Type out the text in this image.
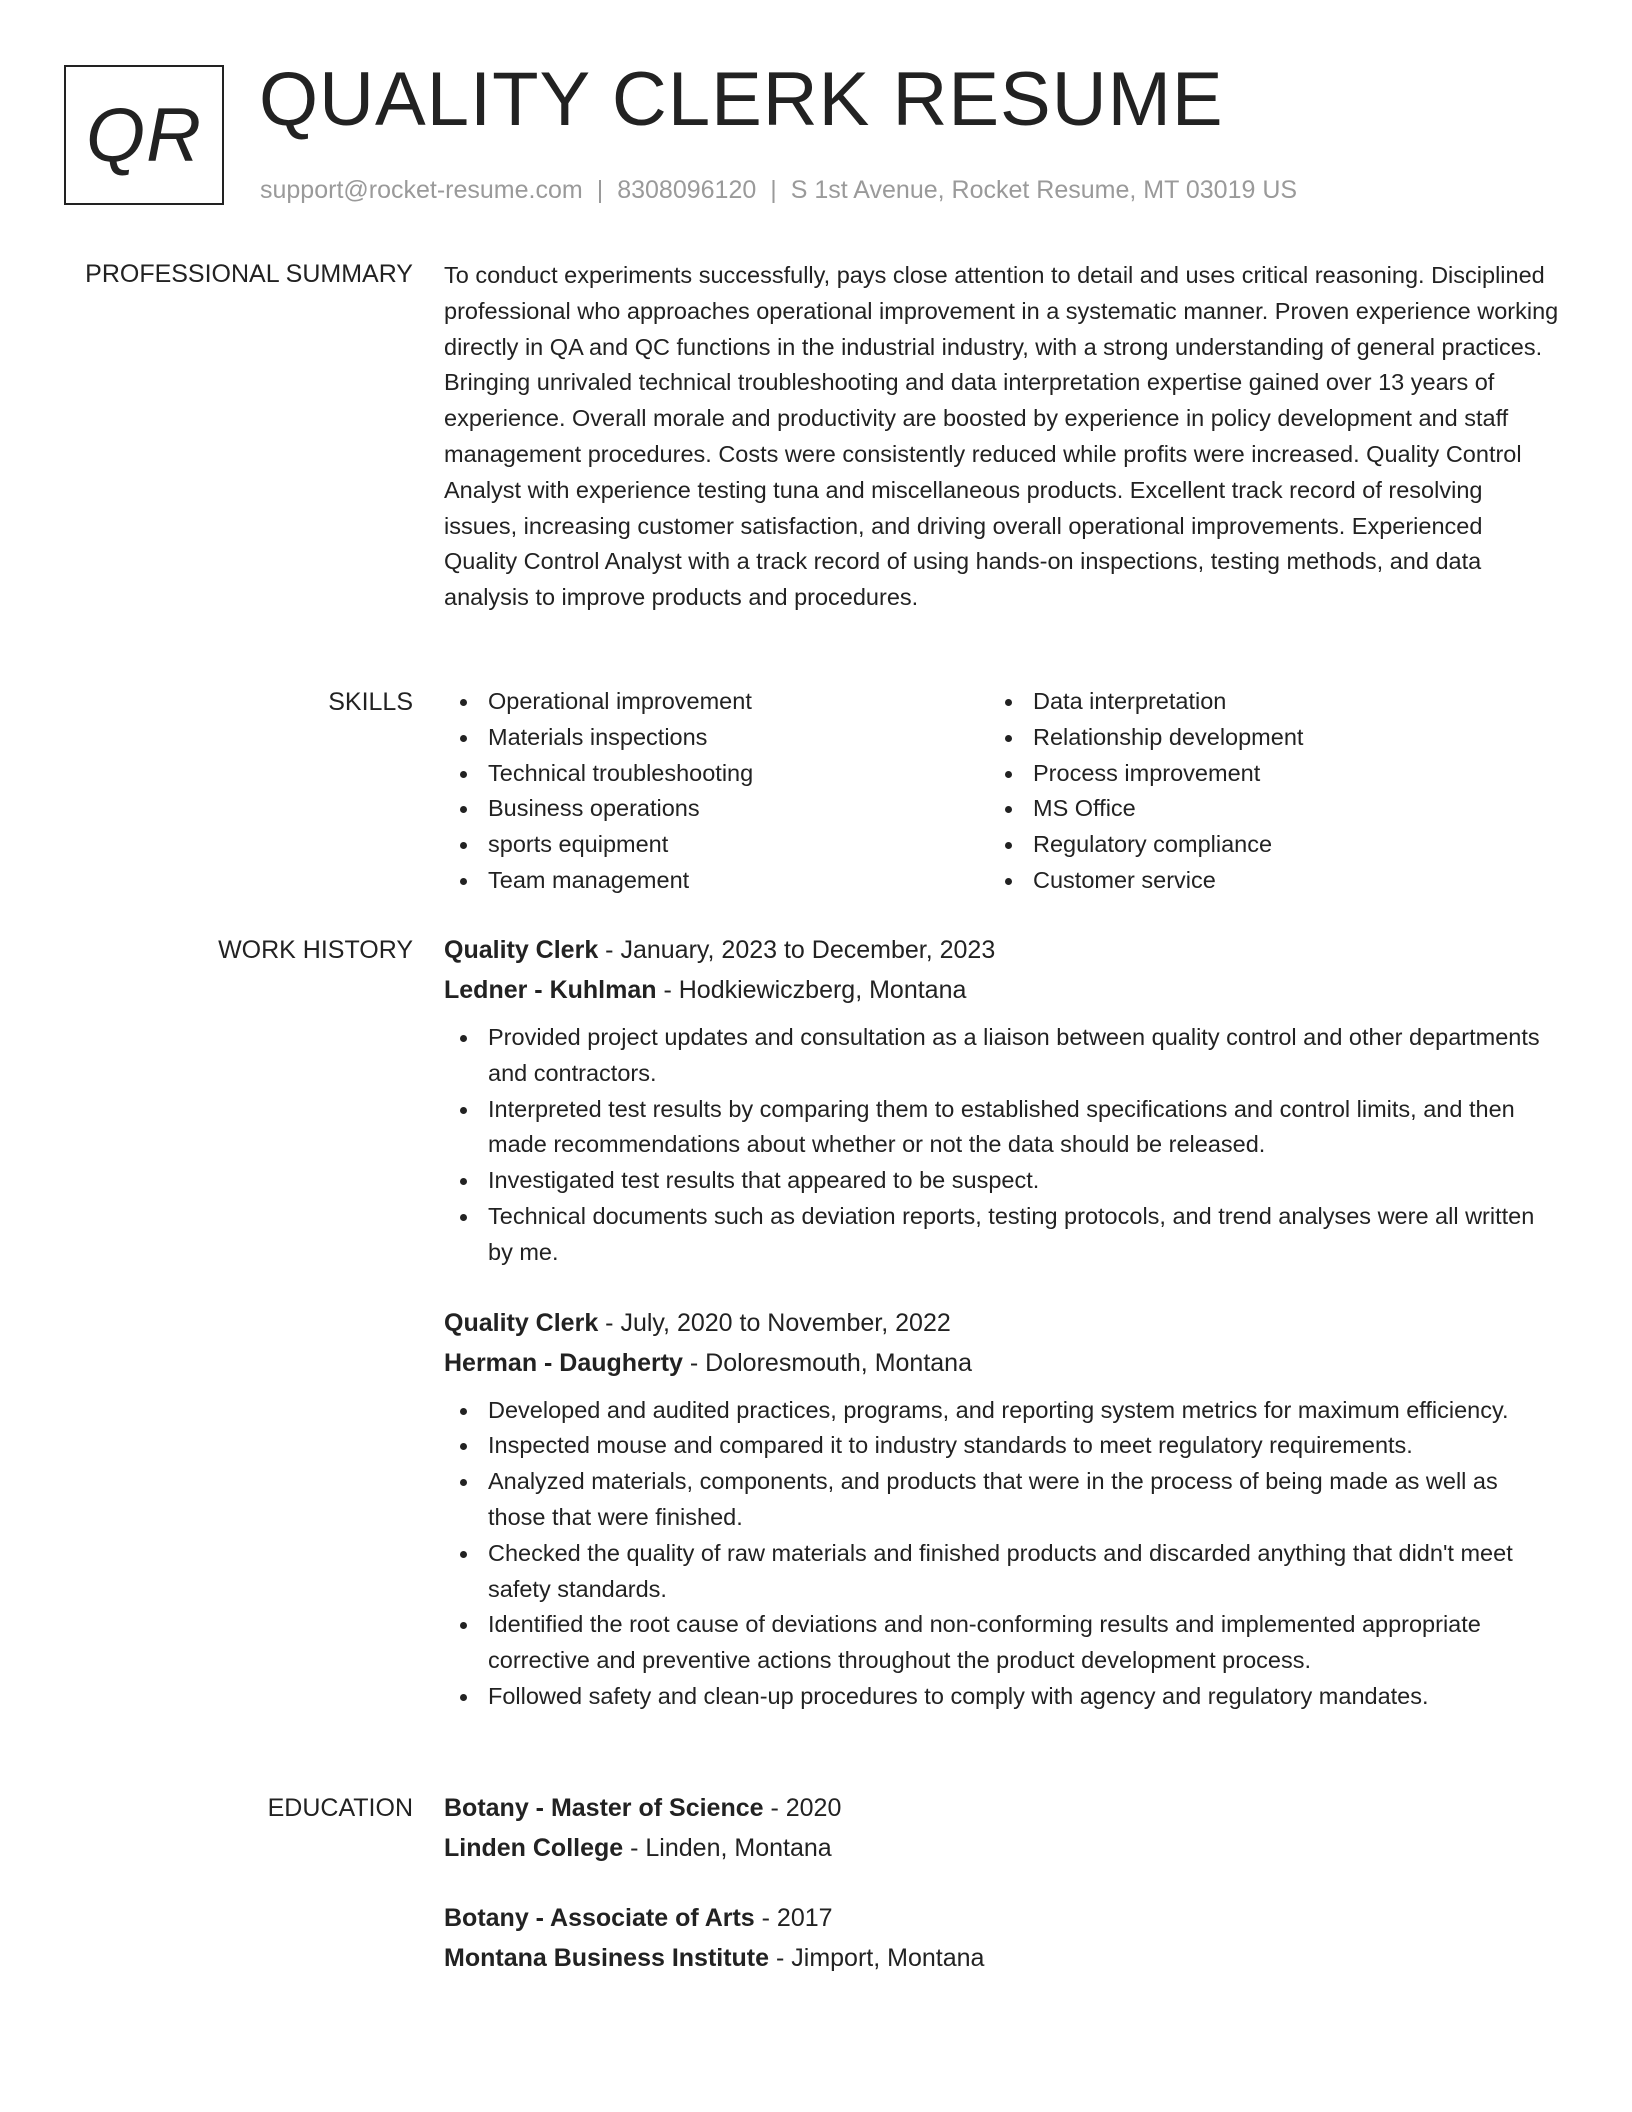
QR QUALITY CLERK RESUME
support@rocket-resume.com | 8308096120 | S 1st Avenue, Rocket Resume, MT 03019 US
PROFESSIONAL SUMMARY To conduct experiments successfully, pays close attention to detail and uses critical reasoning. Disciplined professional who approaches operational improvement in a systematic manner. Proven experience working directly in QA and QC functions in the industrial industry, with a strong understanding of general practices. Bringing unrivaled technical troubleshooting and data interpretation expertise gained over 13 years of experience. Overall morale and productivity are boosted by experience in policy development and staff management procedures. Costs were consistently reduced while profits were increased. Quality Control Analyst with experience testing tuna and miscellaneous products. Excellent track record of resolving issues, increasing customer satisfaction, and driving overall operational improvements. Experienced Quality Control Analyst with a track record of using hands-on inspections, testing methods, and data analysis to improve products and procedures.

SKILLS	Operational improvement
Materials inspections
Technical troubleshooting
Business operations
sports equipment
Team management
Data interpretation
Relationship development
Process improvement
MS Office
Regulatory compliance
Customer service
WORK HISTORY Quality Clerk - January, 2023 to December, 2023
Ledner - Kuhlman - Hodkiewiczberg, Montana
Provided project updates and consultation as a liaison between quality control and other departments and contractors.
Interpreted test results by comparing them to established specifications and control limits, and then made recommendations about whether or not the data should be released.
Investigated test results that appeared to be suspect.
Technical documents such as deviation reports, testing protocols, and trend analyses were all written by me.
Quality Clerk - July, 2020 to November, 2022
Herman - Daugherty - Doloresmouth, Montana
Developed and audited practices, programs, and reporting system metrics for maximum efficiency.
Inspected mouse and compared it to industry standards to meet regulatory requirements.
Analyzed materials, components, and products that were in the process of being made as well as those that were finished.
Checked the quality of raw materials and finished products and discarded anything that didn't meet safety standards.
Identified the root cause of deviations and non-conforming results and implemented appropriate corrective and preventive actions throughout the product development process.
Followed safety and clean-up procedures to comply with agency and regulatory mandates.
EDUCATION Botany - Master of Science - 2020
Linden College - Linden, Montana
Botany - Associate of Arts - 2017
Montana Business Institute - Jimport, Montana
